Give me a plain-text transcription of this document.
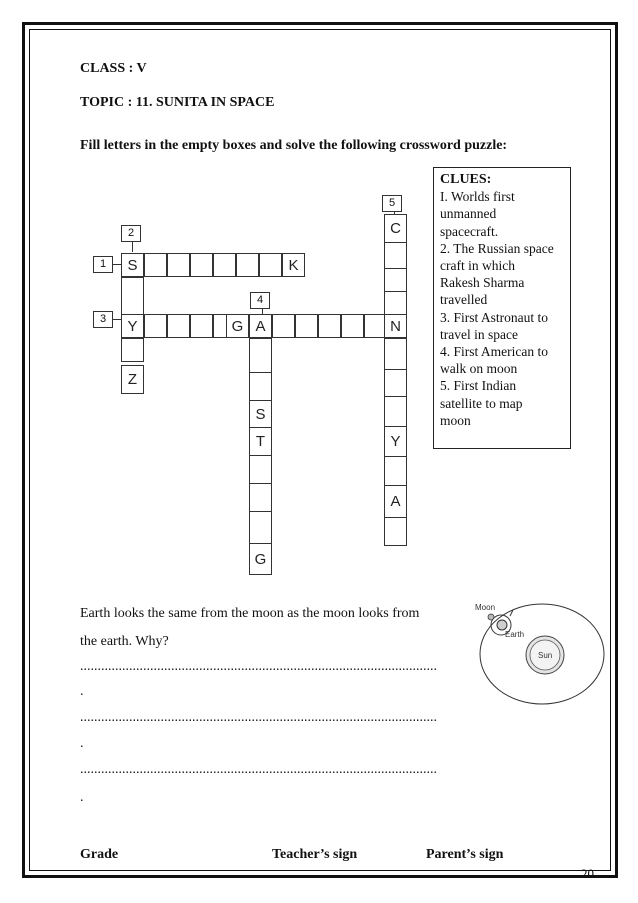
CLASS : V
TOPIC : 11. SUNITA IN SPACE
Fill letters in the empty boxes and solve the following crossword puzzle:
CLUES:
I. Worlds first
unmanned
spacecraft.
2. The Russian space
craft in which
Rakesh Sharma
travelled
3. First Astronaut to
travel in space
4. First American to
walk on moon
5. First Indian
satellite to map
moon
1
2
3
4
5
S	K
Y	G A	N
Z
S
T
G
C
Y
A
Earth looks the same from the moon as the moon looks from
the earth. Why?
......................................................................................................
.
......................................................................................................
.
......................................................................................................
.
Moon
Earth
Sun
Grade	Teacher’s sign	Parent’s sign
20
